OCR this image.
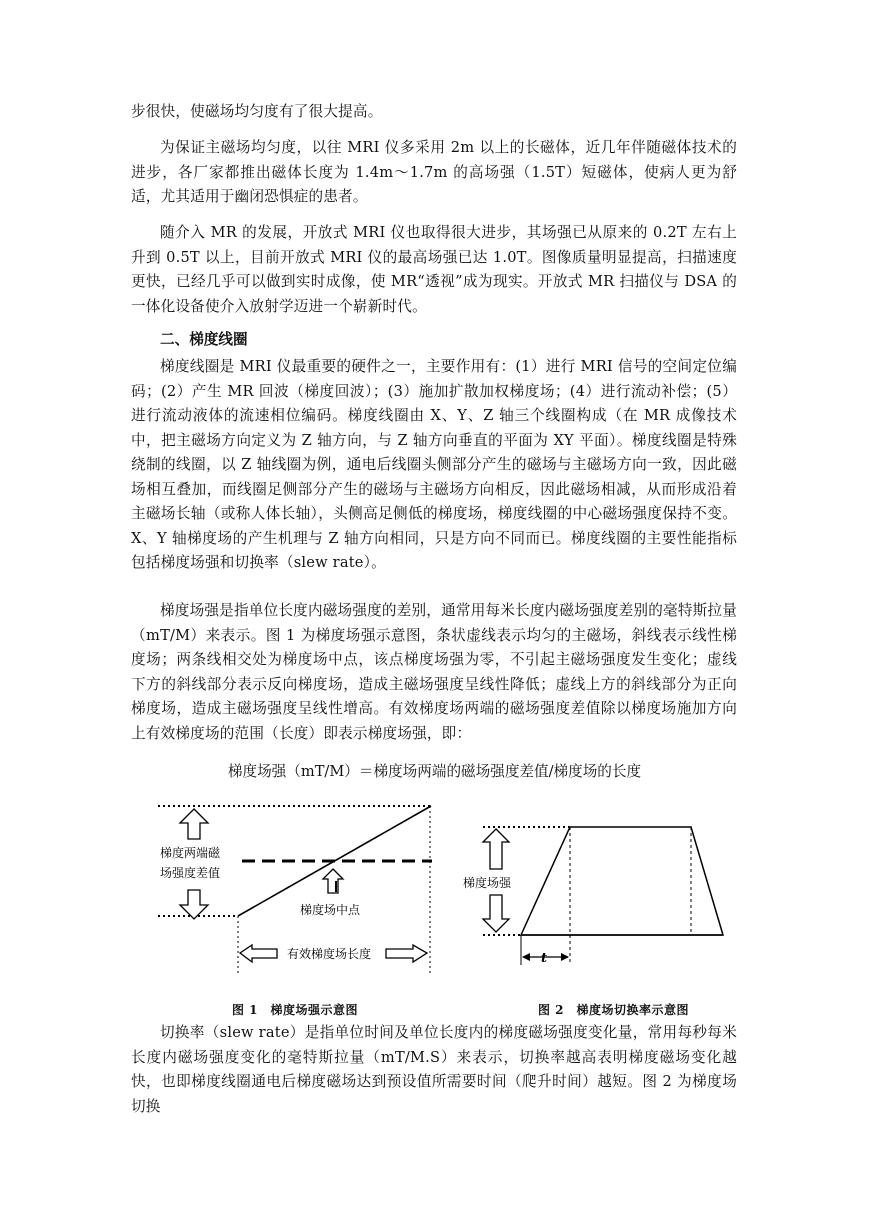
步很快，使磁场均匀度有了很大提高。

为保证主磁场均匀度，以往 MRI 仪多采用 2m 以上的长磁体，近几年伴随磁体技术的进步，各厂家都推出磁体长度为 1.4m～1.7m 的高场强（1.5T）短磁体，使病人更为舒适，尤其适用于幽闭恐惧症的患者。

随介入 MR 的发展，开放式 MRI 仪也取得很大进步，其场强已从原来的 0.2T 左右上升到 0.5T 以上，目前开放式 MRI 仪的最高场强已达 1.0T。图像质量明显提高，扫描速度更快，已经几乎可以做到实时成像，使 MR“透视”成为现实。开放式 MR 扫描仪与 DSA 的一体化设备使介入放射学迈进一个崭新时代。

二、梯度线圈

梯度线圈是 MRI 仪最重要的硬件之一，主要作用有：(1）进行 MRI 信号的空间定位编码；(2）产生 MR 回波（梯度回波）；(3）施加扩散加权梯度场；(4）进行流动补偿；(5）进行流动液体的流速相位编码。梯度线圈由 X、Y、Z 轴三个线圈构成（在 MR 成像技术中，把主磁场方向定义为 Z 轴方向，与 Z 轴方向垂直的平面为 XY 平面）。梯度线圈是特殊绕制的线圈，以 Z 轴线圈为例，通电后线圈头侧部分产生的磁场与主磁场方向一致，因此磁场相互叠加，而线圈足侧部分产生的磁场与主磁场方向相反，因此磁场相减，从而形成沿着主磁场长轴（或称人体长轴），头侧高足侧低的梯度场，梯度线圈的中心磁场强度保持不变。X、Y 轴梯度场的产生机理与 Z 轴方向相同，只是方向不同而已。梯度线圈的主要性能指标包括梯度场强和切换率（slew rate）。

梯度场强是指单位长度内磁场强度的差别，通常用每米长度内磁场强度差别的毫特斯拉量（mT/M）来表示。图 1 为梯度场强示意图，条状虚线表示均匀的主磁场，斜线表示线性梯度场；两条线相交处为梯度场中点，该点梯度场强为零，不引起主磁场强度发生变化；虚线下方的斜线部分表示反向梯度场，造成主磁场强度呈线性降低；虚线上方的斜线部分为正向梯度场，造成主磁场强度呈线性增高。有效梯度场两端的磁场强度差值除以梯度场施加方向上有效梯度场的范围（长度）即表示梯度场强，即：

梯度场强（mT/M）＝梯度场两端的磁场强度差值/梯度场的长度
梯度两端磁
场强度差值
梯度场中点
有效梯度场长度
梯度场强
t
图 1　梯度场强示意图	图 2　梯度场切换率示意图

切换率（slew rate）是指单位时间及单位长度内的梯度磁场强度变化量，常用每秒每米长度内磁场强度变化的毫特斯拉量（mT/M.S）来表示，切换率越高表明梯度磁场变化越快，也即梯度线圈通电后梯度磁场达到预设值所需要时间（爬升时间）越短。图 2 为梯度场切换
